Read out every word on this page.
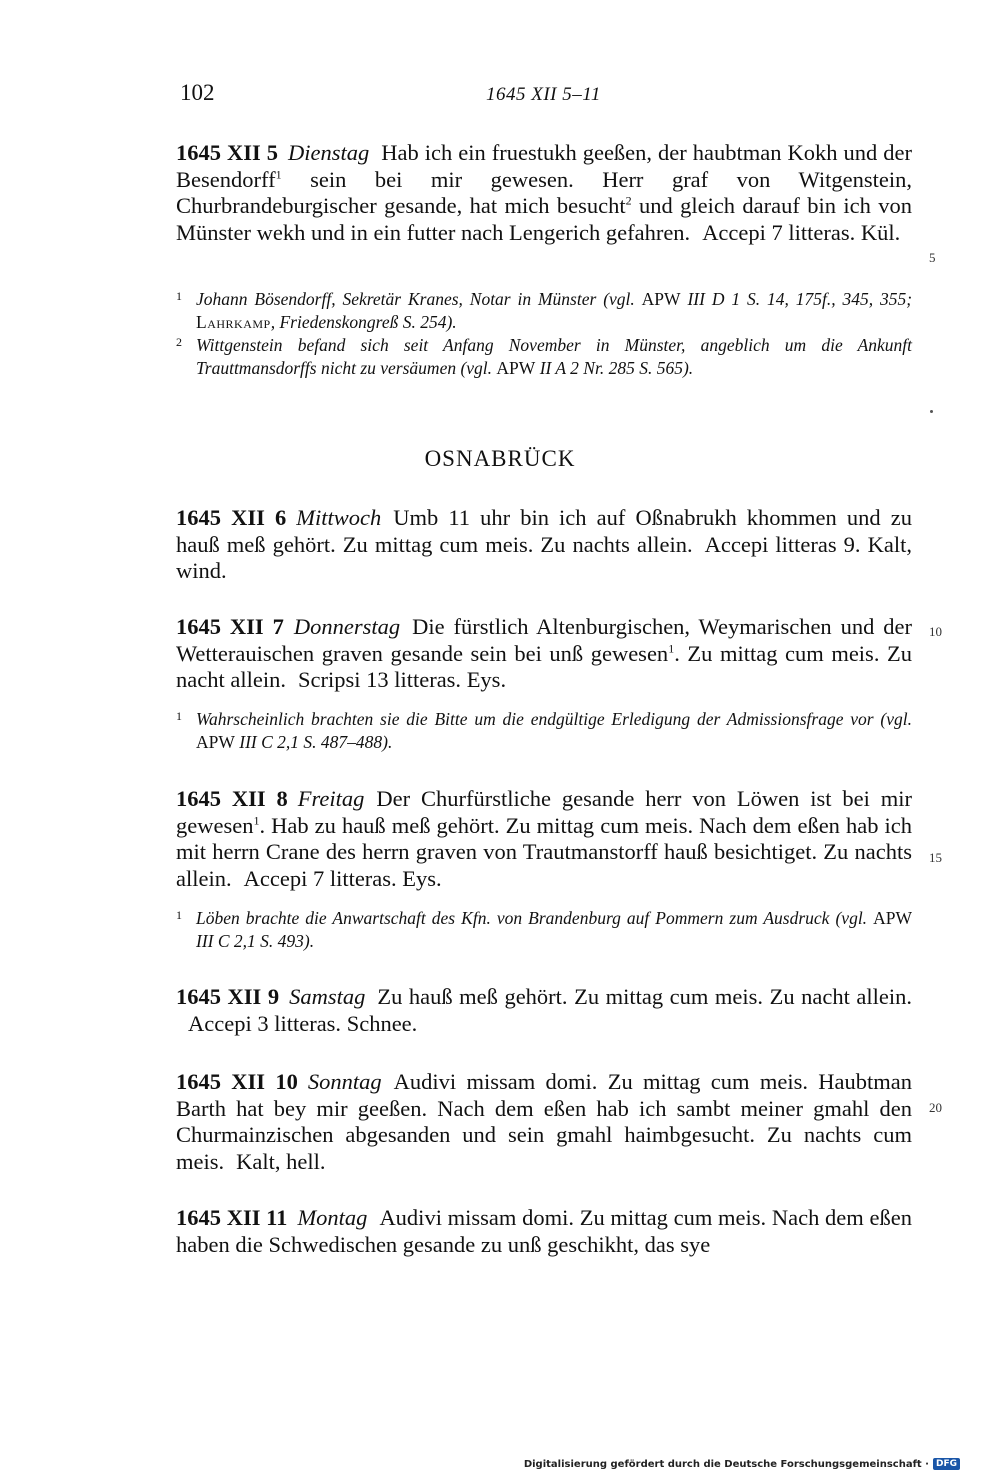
102	1645 XII 5–11
1645 XII 5 Dienstag Hab ich ein fruestukh geeßen, der haubtman Kokh und der Besendorff$^1$ sein bei mir gewesen. Herr graf von Witgenstein, Churbrandeburgischer gesande, hat mich besucht$^2$ und gleich darauf bin ich von Münster wekh und in ein futter nach Lengerich gefahren. Accepi 7 litteras. Kül.
5
1 Johann Bösendorff, Sekretär Kranes, Notar in Münster (vgl. APW III D 1 S. 14, 175f., 345, 355; Lahrkamp, Friedenskongreß S. 254).
2 Wittgenstein befand sich seit Anfang November in Münster, angeblich um die Ankunft Trauttmansdorffs nicht zu versäumen (vgl. APW II A 2 Nr. 285 S. 565).
OSNABRÜCK
1645 XII 6 Mittwoch Umb 11 uhr bin ich auf Oßnabrukh khommen und zu hauß meß gehört. Zu mittag cum meis. Zu nachts allein. Accepi litteras 9. Kalt, wind.
1645 XII 7 Donnerstag Die fürstlich Altenburgischen, Weymarischen und der Wetterauischen graven gesande sein bei unß gewesen$^1$. Zu mittag cum meis. Zu nacht allein. Scripsi 13 litteras. Eys.
10
1 Wahrscheinlich brachten sie die Bitte um die endgültige Erledigung der Admissionsfrage vor (vgl. APW III C 2,1 S. 487–488).
1645 XII 8 Freitag Der Churfürstliche gesande herr von Löwen ist bei mir gewesen$^1$. Hab zu hauß meß gehört. Zu mittag cum meis. Nach dem eßen hab ich mit herrn Crane des herrn graven von Trautmanstorff hauß besichtiget. Zu nachts allein. Accepi 7 litteras. Eys.
15
1 Löben brachte die Anwartschaft des Kfn. von Brandenburg auf Pommern zum Ausdruck (vgl. APW III C 2,1 S. 493).
1645 XII 9 Samstag Zu hauß meß gehört. Zu mittag cum meis. Zu nacht allein.Accepi 3 litteras. Schnee.
1645 XII 10 Sonntag Audivi missam domi. Zu mittag cum meis. Haubtman Barth hat bey mir geeßen. Nach dem eßen hab ich sambt meiner gmahl den Churmainzischen abgesanden und sein gmahl haimbgesucht. Zu nachts cum meis. Kalt, hell.
20
1645 XII 11 Montag Audivi missam domi. Zu mittag cum meis. Nach dem eßen haben die Schwedischen gesande zu unß geschikht, das sye
Digitalisierung gefördert durch die Deutsche Forschungsgemeinschaft · DFG
